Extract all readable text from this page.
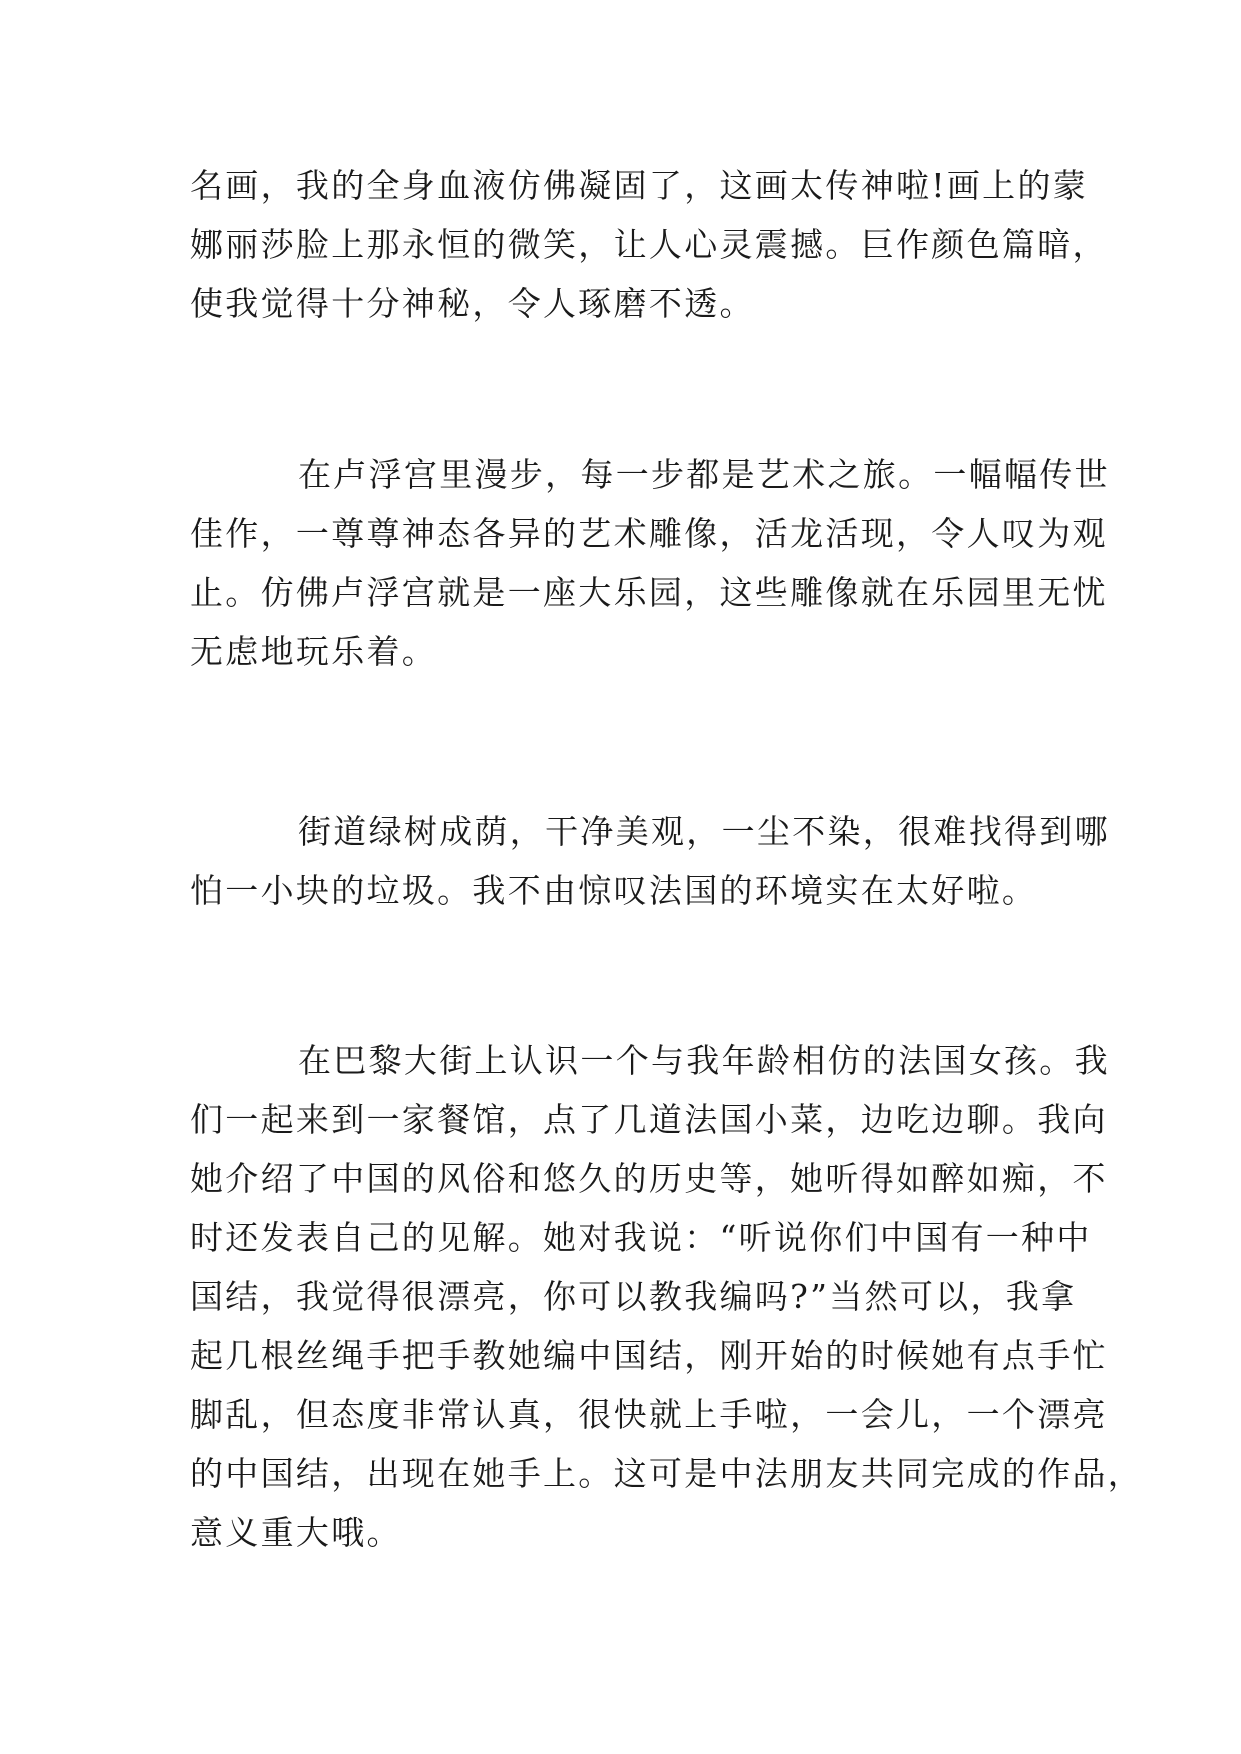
名画，我的全身血液仿佛凝固了，这画太传神啦!画上的蒙
娜丽莎脸上那永恒的微笑，让人心灵震撼。巨作颜色篇暗，
使我觉得十分神秘，令人琢磨不透。
在卢浮宫里漫步，每一步都是艺术之旅。一幅幅传世
佳作，一尊尊神态各异的艺术雕像，活龙活现，令人叹为观
止。仿佛卢浮宫就是一座大乐园，这些雕像就在乐园里无忧
无虑地玩乐着。
街道绿树成荫，干净美观，一尘不染，很难找得到哪
怕一小块的垃圾。我不由惊叹法国的环境实在太好啦。
在巴黎大街上认识一个与我年龄相仿的法国女孩。我
们一起来到一家餐馆，点了几道法国小菜，边吃边聊。我向
她介绍了中国的风俗和悠久的历史等，她听得如醉如痴，不
时还发表自己的见解。她对我说：“听说你们中国有一种中
国结，我觉得很漂亮，你可以教我编吗?”当然可以，我拿
起几根丝绳手把手教她编中国结，刚开始的时候她有点手忙
脚乱，但态度非常认真，很快就上手啦，一会儿，一个漂亮
的中国结，出现在她手上。这可是中法朋友共同完成的作品，
意义重大哦。
